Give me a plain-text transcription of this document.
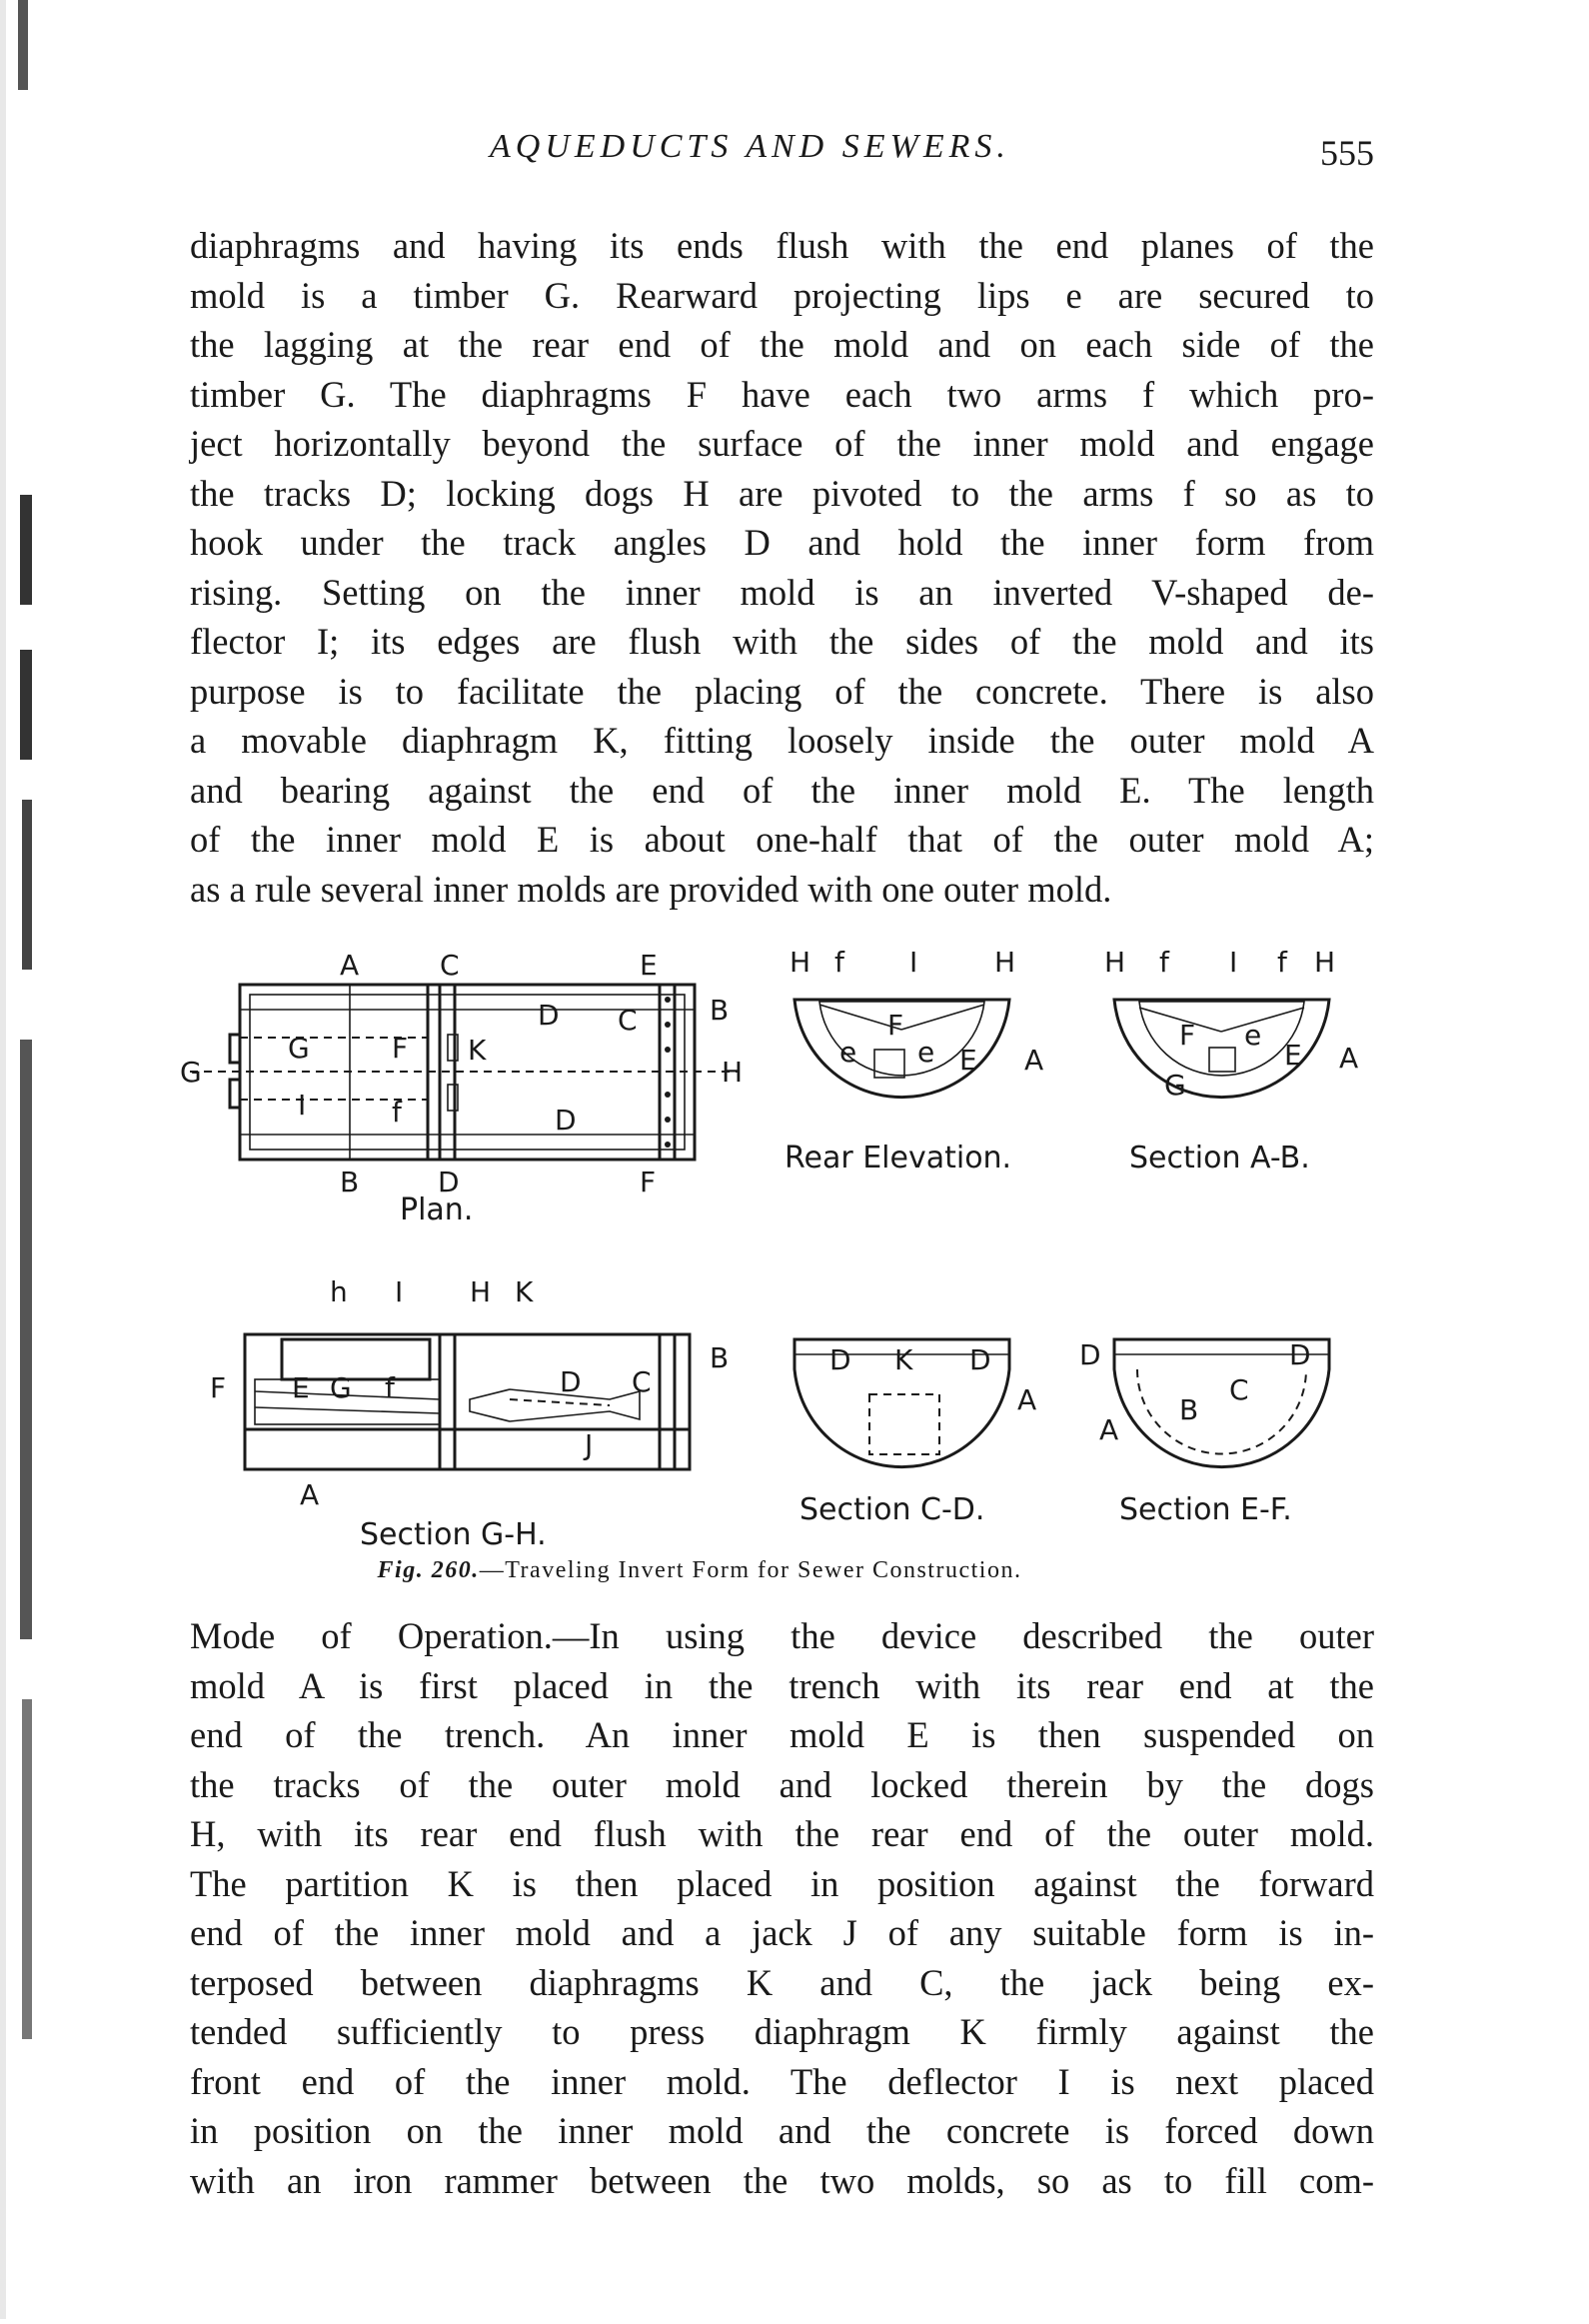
AQUEDUCTS AND SEWERS.	555
diaphragms and having its ends flush with the end planes of the
mold is a timber G. Rearward projecting lips e are secured to
the lagging at the rear end of the mold and on each side of the
timber G. The diaphragms F have each two arms f which pro-
ject horizontally beyond the surface of the inner mold and engage
the tracks D; locking dogs H are pivoted to the arms f so as to
hook under the track angles D and hold the inner form from
rising. Setting on the inner mold is an inverted V-shaped de-
flector I; its edges are flush with the sides of the mold and its
purpose is to facilitate the placing of the concrete. There is also
a movable diaphragm K, fitting loosely inside the outer mold A
and bearing against the end of the inner mold E. The length
of the inner mold E is about one-half that of the outer mold A;
as a rule several inner molds are provided with one outer mold.
A	C	E
B
H
G
G	F K
D C
I	f	D
B	D	F
Plan.
H f I	H
F
e e E A
Rear Elevation.
H f I f H
F e
E A
G
Section A-B.
h I H K
B
F E G f	D C
J
A
Section G-H.
D K D
A
Section C-D.
D	D
C
B
A
Section E-F.
Fig. 260.—Traveling Invert Form for Sewer Construction.
Mode of Operation.—In using the device described the outer
mold A is first placed in the trench with its rear end at the
end of the trench. An inner mold E is then suspended on
the tracks of the outer mold and locked therein by the dogs
H, with its rear end flush with the rear end of the outer mold.
The partition K is then placed in position against the forward
end of the inner mold and a jack J of any suitable form is in-
terposed between diaphragms K and C, the jack being ex-
tended sufficiently to press diaphragm K firmly against the
front end of the inner mold. The deflector I is next placed
in position on the inner mold and the concrete is forced down
with an iron rammer between the two molds, so as to fill com-
